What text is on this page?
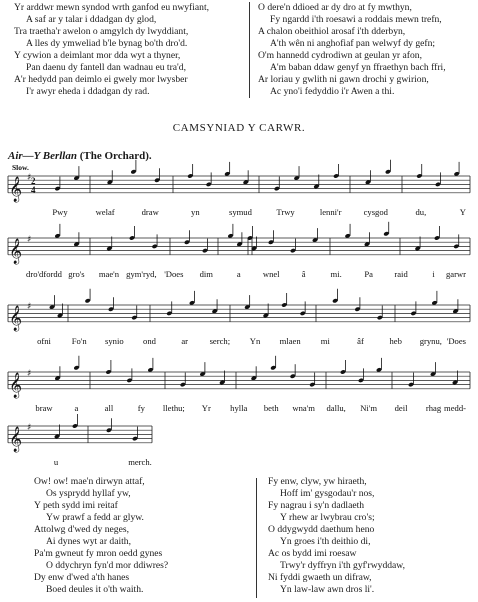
Yr arddwr mewn syndod wrth ganfod eu nwyfiant,
A saf ar y talar i ddadgan dy glod,
Tra traetha'r awelon o amgylch dy lwyddiant,
A lles dy ymweliad b'le bynag bo'th dro'd.
Y cywion a deimlant mor dda wyt a thyner,
Pan daenu dy fantell dan wadnau eu tra'd,
A'r hedydd pan deimlo ei gwely mor lwysber
I'r awyr eheda i ddadgan dy rad.
O dere'n ddioed ar dy dro at fy mwthyn,
Fy ngardd i'th roesawi a roddais mewn trefn,
A chalon obeithiol arosaf i'th dderbyn,
A'th wên ni anghofiaf pan welwyf dy gefn;
O'm hannedd cydrodiwn at geulan yr afon,
A'm baban ddaw genyf yn ffraethyn bach ffri,
Ar loriau y gwlith ni gawn drochi y gwirion,
Ac yno'i fedyddio i'r Awen a thi.
CAMSYNIAD Y CARWR.
Air—Y Berllan (The Orchard).
𝄞 ♯
𝄞 ♯
𝄞 ♯
𝄞 ♯
𝄞 ♯
Slow.
2
4
Pwy	welaf	draw	yn	symud	Trwy	lenni'r	cysgod	du,	Y
dro'dfordd gro's mae'n gym'ryd, 'Does dim	a	wnel	â	mi.	Pa raid	i garwr
ofni Fo'n synio ond	ar	serch; Yn mlaen mi	âf	heb grynu, 'Does
braw	a	all	fy llethu; Yr hylla beth wna'm dallu, Ni'm deil rhag medd-
u	merch.
Ow! ow! mae'n dirwyn attaf,
Os ysprydd hyllaf yw,
Y peth sydd imi reitaf
Yw prawf a fedd ar glyw.
Attolwg d'wed dy neges,
Ai dynes wyt ar daith,
Pa'm gwneut fy mron oedd gynes
O ddychryn fyn'd mor ddiwres?
Dy enw d'wed a'th hanes
Boed deules it o'th waith.
Fy enw, clyw, yw hiraeth,
Hoff im' gysgodau'r nos,
Fy nagrau i sy'n dadlaeth
Y rhew ar lwybrau cro's;
O ddygwydd daethum heno
Yn groes i'th deithio di,
Ac os bydd imi roesaw
Trwy'r dyffryn i'th gyf'rwyddaw,
Ni fyddi gwaeth un difraw,
Yn law-law awn dros li'.
